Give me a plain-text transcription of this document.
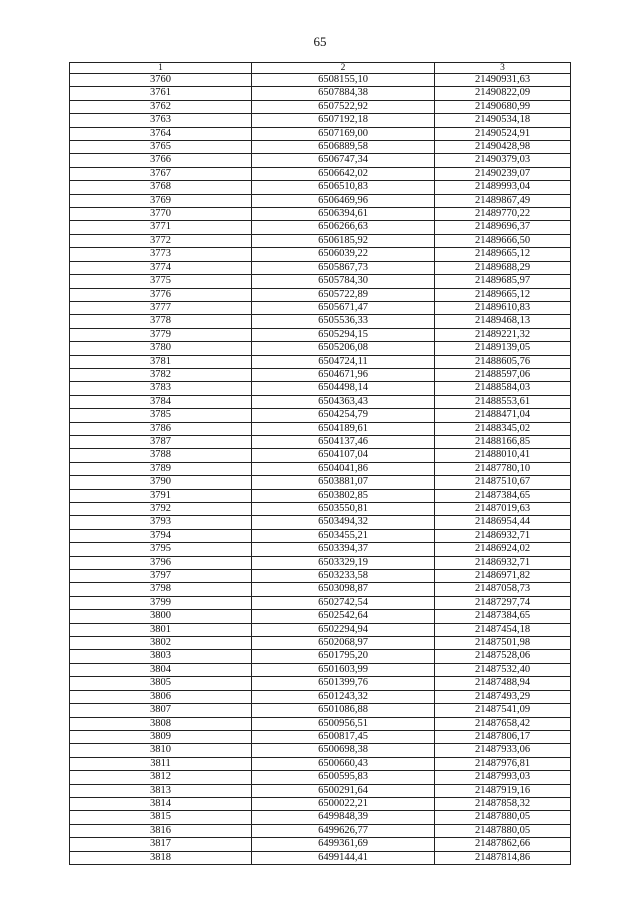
65
1	2	3
3760	6508155,10	21490931,63
3761	6507884,38	21490822,09
3762	6507522,92	21490680,99
3763	6507192,18	21490534,18
3764	6507169,00	21490524,91
3765	6506889,58	21490428,98
3766	6506747,34	21490379,03
3767	6506642,02	21490239,07
3768	6506510,83	21489993,04
3769	6506469,96	21489867,49
3770	6506394,61	21489770,22
3771	6506266,63	21489696,37
3772	6506185,92	21489666,50
3773	6506039,22	21489665,12
3774	6505867,73	21489688,29
3775	6505784,30	21489685,97
3776	6505722,89	21489665,12
3777	6505671,47	21489610,83
3778	6505536,33	21489468,13
3779	6505294,15	21489221,32
3780	6505206,08	21489139,05
3781	6504724,11	21488605,76
3782	6504671,96	21488597,06
3783	6504498,14	21488584,03
3784	6504363,43	21488553,61
3785	6504254,79	21488471,04
3786	6504189,61	21488345,02
3787	6504137,46	21488166,85
3788	6504107,04	21488010,41
3789	6504041,86	21487780,10
3790	6503881,07	21487510,67
3791	6503802,85	21487384,65
3792	6503550,81	21487019,63
3793	6503494,32	21486954,44
3794	6503455,21	21486932,71
3795	6503394,37	21486924,02
3796	6503329,19	21486932,71
3797	6503233,58	21486971,82
3798	6503098,87	21487058,73
3799	6502742,54	21487297,74
3800	6502542,64	21487384,65
3801	6502294,94	21487454,18
3802	6502068,97	21487501,98
3803	6501795,20	21487528,06
3804	6501603,99	21487532,40
3805	6501399,76	21487488,94
3806	6501243,32	21487493,29
3807	6501086,88	21487541,09
3808	6500956,51	21487658,42
3809	6500817,45	21487806,17
3810	6500698,38	21487933,06
3811	6500660,43	21487976,81
3812	6500595,83	21487993,03
3813	6500291,64	21487919,16
3814	6500022,21	21487858,32
3815	6499848,39	21487880,05
3816	6499626,77	21487880,05
3817	6499361,69	21487862,66
3818	6499144,41	21487814,86
